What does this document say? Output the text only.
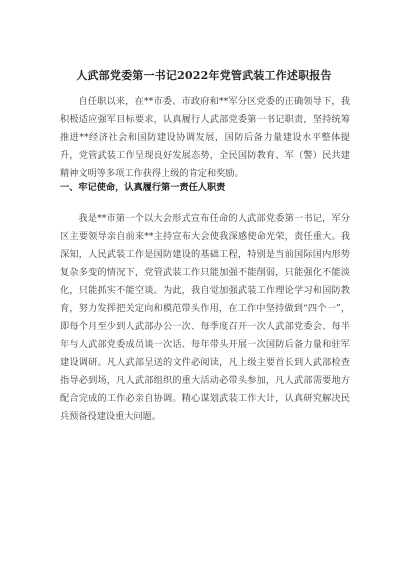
人武部党委第一书记2022年党管武装工作述职报告
自任职以来，在**市委、市政府和**军分区党委的正确领导下，我积极适应强军目标要求，认真履行人武部党委第一书记职责，坚持统筹推进**经济社会和国防建设协调发展，国防后备力量建设水平整体提升，党管武装工作呈现良好发展态势，全民国防教育、军（警）民共建精神文明等多项工作获得上级的肯定和奖励。
一、牢记使命，认真履行第一责任人职责
我是**市第一个以大会形式宣布任命的人武部党委第一书记，军分区主要领导亲自前来**主持宣布大会使我深感使命光荣，责任重大。我深知，人民武装工作是国防建设的基础工程，特别是当前国际国内形势复杂多变的情况下，党管武装工作只能加强不能削弱，只能强化不能淡化，只能抓实不能空谈。为此，我自觉加强武装工作理论学习和国防教育，努力发挥把关定向和模范带头作用，在工作中坚持做到“四个一”，即每个月至少到人武部办公一次、每季度召开一次人武部党委会、每半年与人武部党委成员谈一次话、每年带头开展一次国防后备力量和驻军建设调研。凡人武部呈送的文件必阅读，凡上级主要首长到人武部检查指导必到场，凡人武部组织的重大活动必带头参加，凡人武部需要地方配合完成的工作必亲自协调。精心谋划武装工作大计，认真研究解决民兵预备役建设重大问题。
